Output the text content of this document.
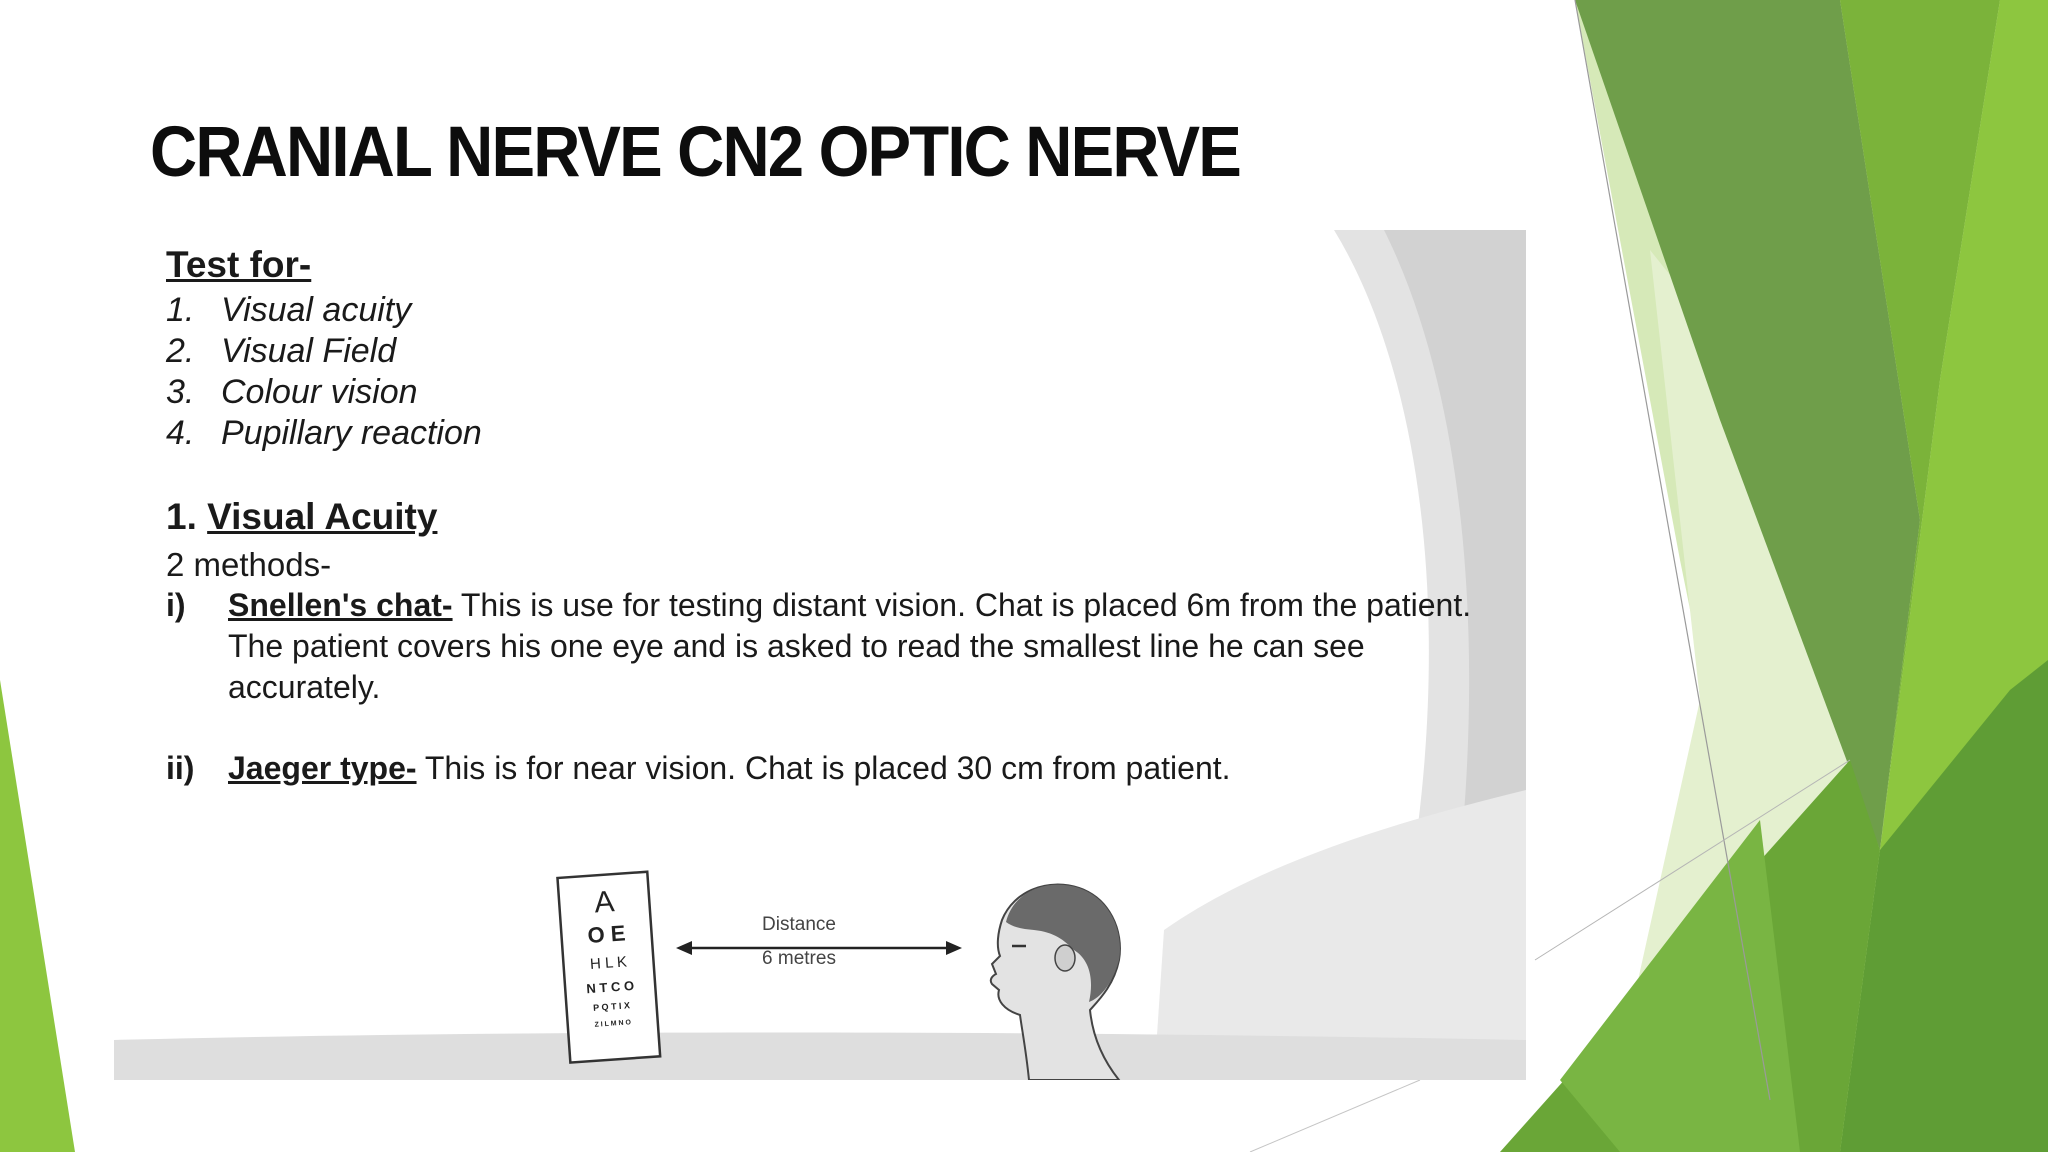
CRANIAL NERVE CN2 OPTIC NERVE
Test for-
1. Visual acuity
2. Visual Field
3. Colour vision
4. Pupillary reaction
1. Visual Acuity
2 methods-
i)	Snellen's chat- This is use for testing distant vision. Chat is placed 6m from the patient. The patient covers his one eye and is asked to read the smallest line he can see accurately.
ii)	Jaeger type- This is for near vision. Chat is placed 30 cm from patient.
A
O E
H L K
N T C O
P Q T I X
Z I L M N O
Distance
6 metres
